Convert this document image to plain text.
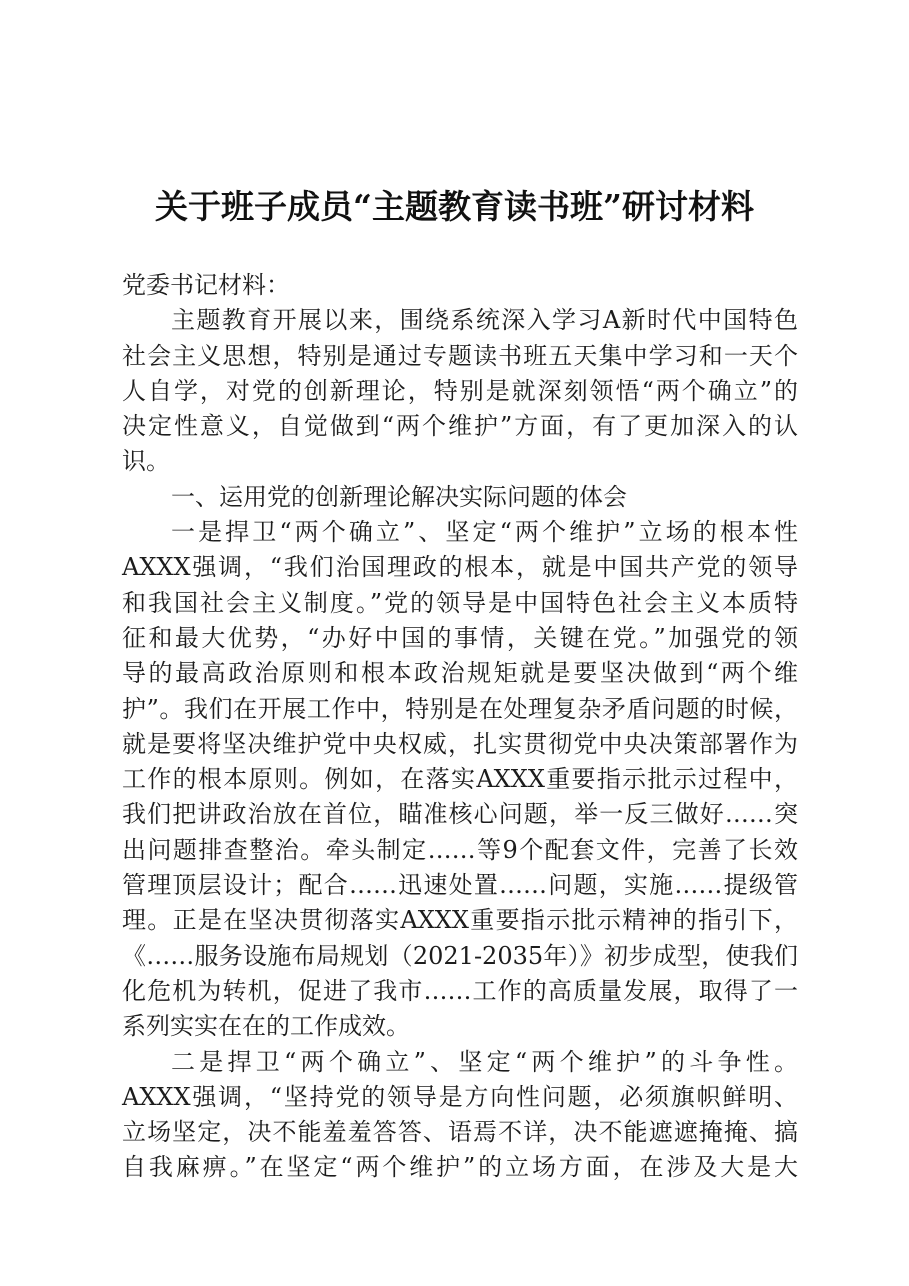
关于班子成员“主题教育读书班”研讨材料
党委书记材料：
主题教育开展以来，围绕系统深入学习A新时代中国特色
社会主义思想，特别是通过专题读书班五天集中学习和一天个
人自学，对党的创新理论，特别是就深刻领悟“两个确立”的
决定性意义，自觉做到“两个维护”方面，有了更加深入的认
识。
一、运用党的创新理论解决实际问题的体会
一是捍卫“两个确立”、坚定“两个维护”立场的根本性
AXXX强调，“我们治国理政的根本，就是中国共产党的领导
和我国社会主义制度。”党的领导是中国特色社会主义本质特
征和最大优势，“办好中国的事情，关键在党。”加强党的领
导的最高政治原则和根本政治规矩就是要坚决做到“两个维
护”。我们在开展工作中，特别是在处理复杂矛盾问题的时候，
就是要将坚决维护党中央权威，扎实贯彻党中央决策部署作为
工作的根本原则。例如，在落实AXXX重要指示批示过程中，
我们把讲政治放在首位，瞄准核心问题，举一反三做好……突
出问题排查整治。牵头制定……等9个配套文件，完善了长效
管理顶层设计；配合……迅速处置……问题，实施……提级管
理。正是在坚决贯彻落实AXXX重要指示批示精神的指引下，
《……服务设施布局规划（2021-2035年）》初步成型，使我们
化危机为转机，促进了我市……工作的高质量发展，取得了一
系列实实在在的工作成效。
二是捍卫“两个确立”、坚定“两个维护”的斗争性。
AXXX强调，“坚持党的领导是方向性问题，必须旗帜鲜明、
立场坚定，决不能羞羞答答、语焉不详，决不能遮遮掩掩、搞
自我麻痹。”在坚定“两个维护”的立场方面，在涉及大是大
